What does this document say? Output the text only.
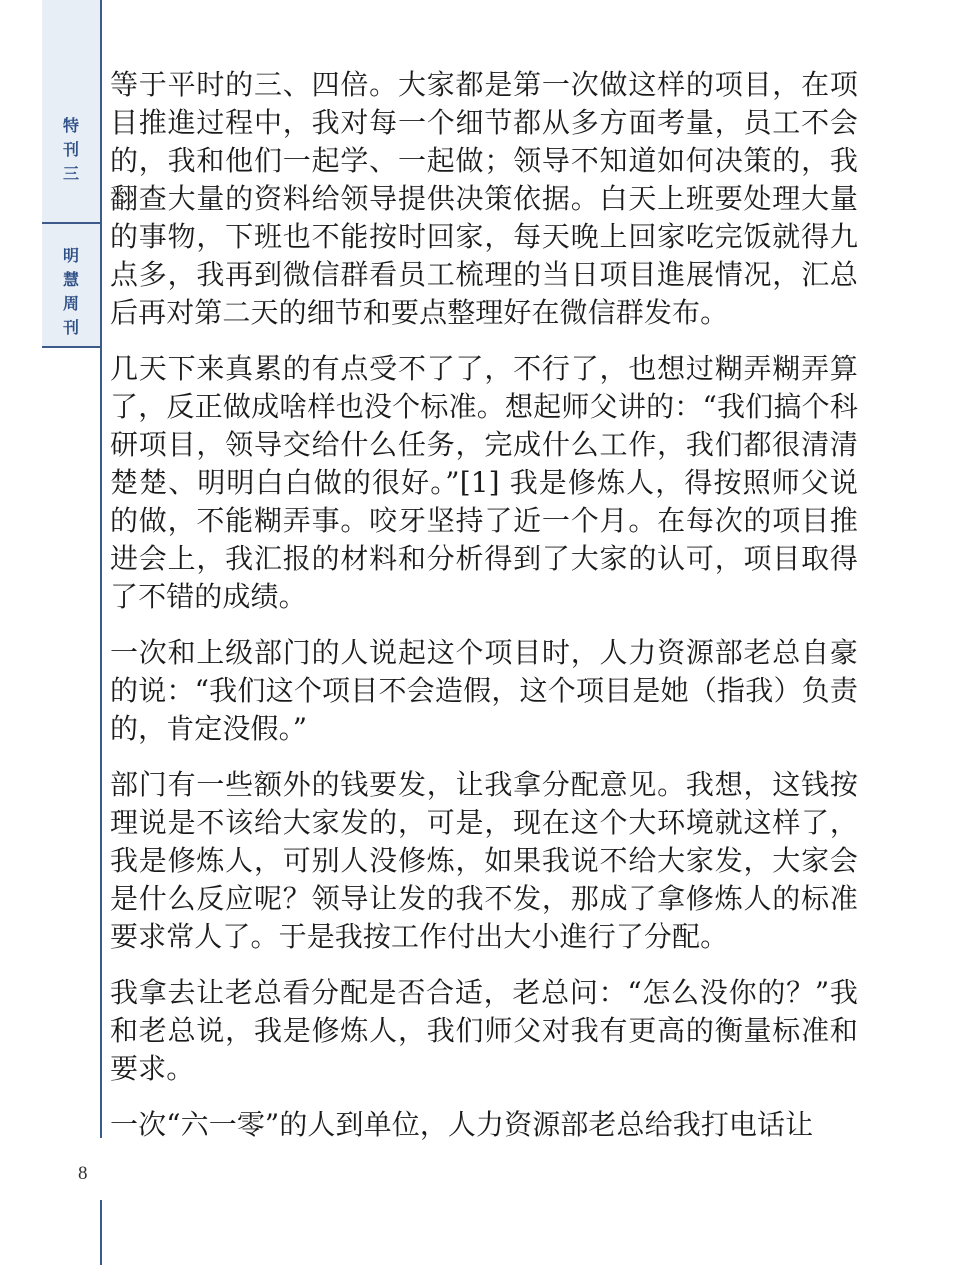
特
刊
三
明
慧
周
刊
8

等于平时的三、四倍。大家都是第一次做这样的项目，在项目推進过程中，我对每一个细节都从多方面考量，员工不会的，我和他们一起学、一起做；领导不知道如何决策的，我翻查大量的资料给领导提供决策依据。白天上班要处理大量的事物，下班也不能按时回家，每天晚上回家吃完饭就得九点多，我再到微信群看员工梳理的当日项目進展情况，汇总后再对第二天的细节和要点整理好在微信群发布。

几天下来真累的有点受不了了，不行了，也想过糊弄糊弄算了，反正做成啥样也没个标准。想起师父讲的：“我们搞个科研项目，领导交给什么任务，完成什么工作，我们都很清清楚楚、明明白白做的很好。”[1] 我是修炼人，得按照师父说的做，不能糊弄事。咬牙坚持了近一个月。在每次的项目推进会上，我汇报的材料和分析得到了大家的认可，项目取得了不错的成绩。

一次和上级部门的人说起这个项目时，人力资源部老总自豪的说：“我们这个项目不会造假，这个项目是她（指我）负责的，肯定没假。”

部门有一些额外的钱要发，让我拿分配意见。我想，这钱按理说是不该给大家发的，可是，现在这个大环境就这样了，我是修炼人，可别人没修炼，如果我说不给大家发，大家会是什么反应呢？领导让发的我不发，那成了拿修炼人的标准要求常人了。于是我按工作付出大小進行了分配。

我拿去让老总看分配是否合适，老总问：“怎么没你的？”我和老总说，我是修炼人，我们师父对我有更高的衡量标准和要求。

一次“六一零”的人到单位，人力资源部老总给我打电话让
